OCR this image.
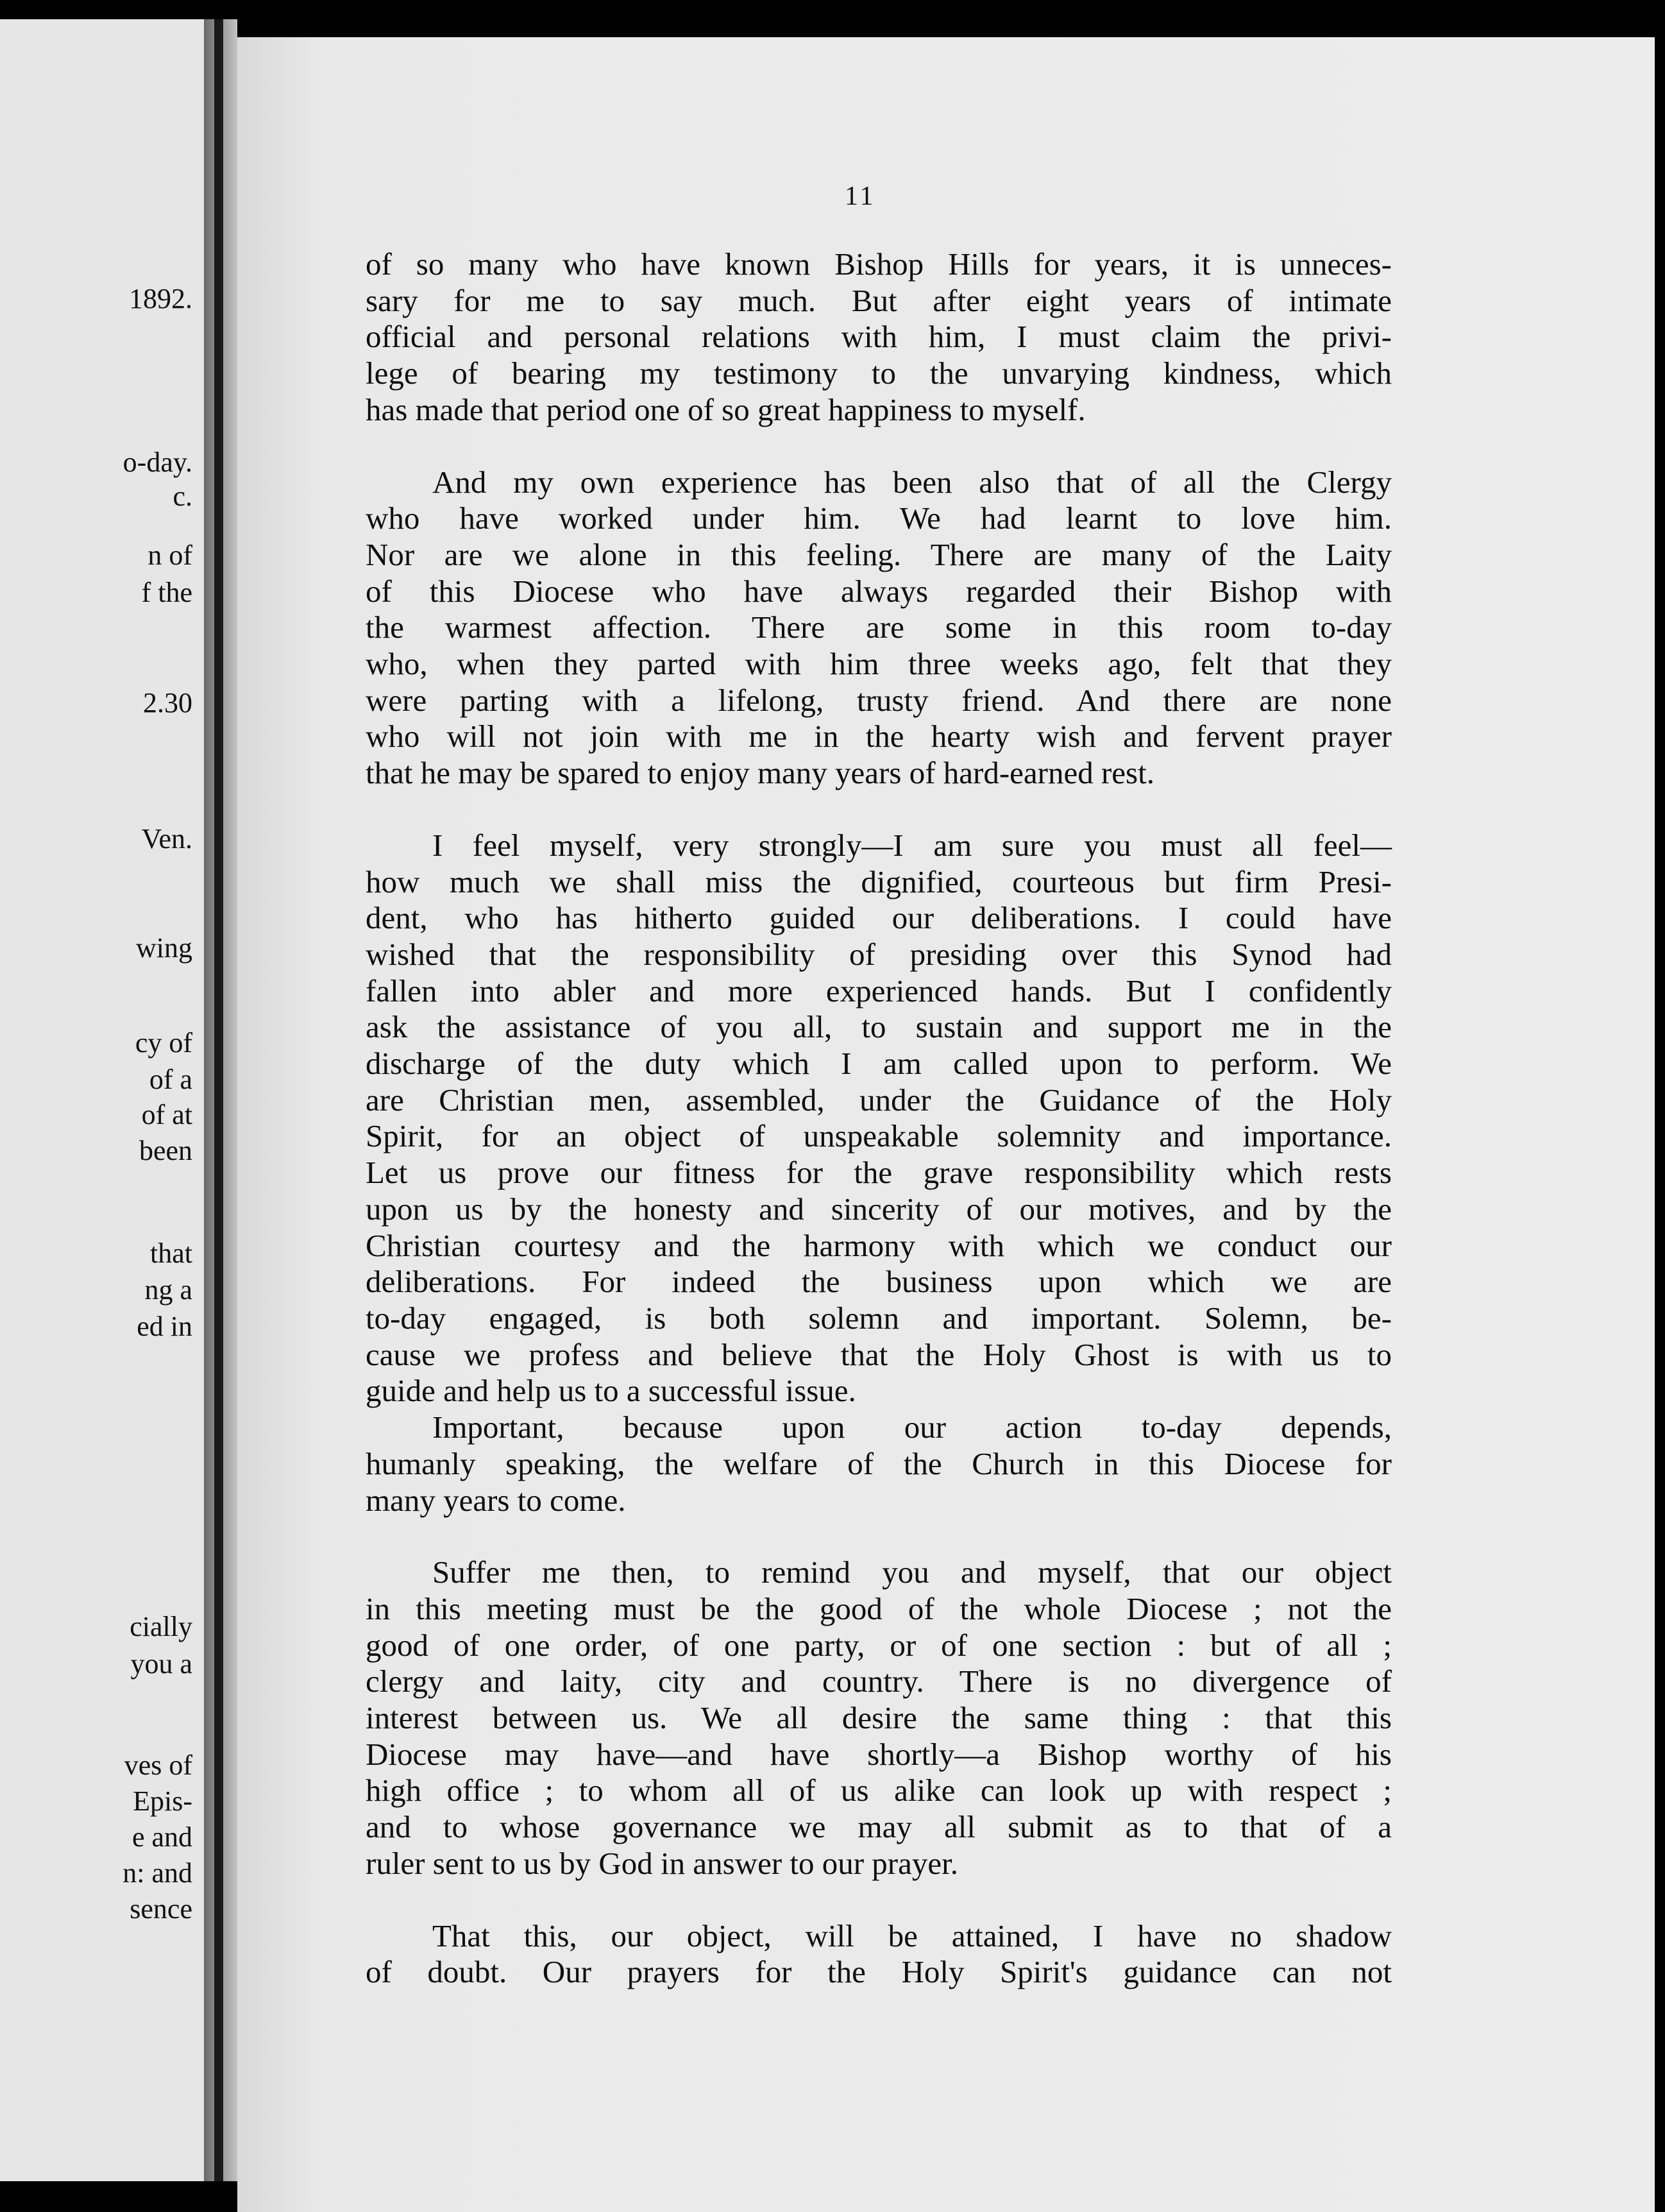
1892.
o-day.
c.
n of
f the
2.30
Ven.
wing
cy of
of a
of at
been
that
ng a
ed in
cially
you a
ves of
Epis-
e and
n: and
sence
11
of so many who have known Bishop Hills for years, it is unneces-
sary for me to say much. But after eight years of intimate
official and personal relations with him, I must claim the privi-
lege of bearing my testimony to the unvarying kindness, which
has made that period one of so great happiness to myself.
And my own experience has been also that of all the Clergy
who have worked under him. We had learnt to love him.
Nor are we alone in this feeling. There are many of the Laity
of this Diocese who have always regarded their Bishop with
the warmest affection. There are some in this room to-day
who, when they parted with him three weeks ago, felt that they
were parting with a lifelong, trusty friend. And there are none
who will not join with me in the hearty wish and fervent prayer
that he may be spared to enjoy many years of hard-earned rest.
I feel myself, very strongly—I am sure you must all feel—
how much we shall miss the dignified, courteous but firm Presi-
dent, who has hitherto guided our deliberations. I could have
wished that the responsibility of presiding over this Synod had
fallen into abler and more experienced hands. But I confidently
ask the assistance of you all, to sustain and support me in the
discharge of the duty which I am called upon to perform. We
are Christian men, assembled, under the Guidance of the Holy
Spirit, for an object of unspeakable solemnity and importance.
Let us prove our fitness for the grave responsibility which rests
upon us by the honesty and sincerity of our motives, and by the
Christian courtesy and the harmony with which we conduct our
deliberations. For indeed the business upon which we are
to-day engaged, is both solemn and important. Solemn, be-
cause we profess and believe that the Holy Ghost is with us to
guide and help us to a successful issue.
Important, because upon our action to-day depends,
humanly speaking, the welfare of the Church in this Diocese for
many years to come.
Suffer me then, to remind you and myself, that our object
in this meeting must be the good of the whole Diocese ; not the
good of one order, of one party, or of one section : but of all ;
clergy and laity, city and country. There is no divergence of
interest between us. We all desire the same thing : that this
Diocese may have—and have shortly—a Bishop worthy of his
high office ; to whom all of us alike can look up with respect ;
and to whose governance we may all submit as to that of a
ruler sent to us by God in answer to our prayer.
That this, our object, will be attained, I have no shadow
of doubt. Our prayers for the Holy Spirit's guidance can not
